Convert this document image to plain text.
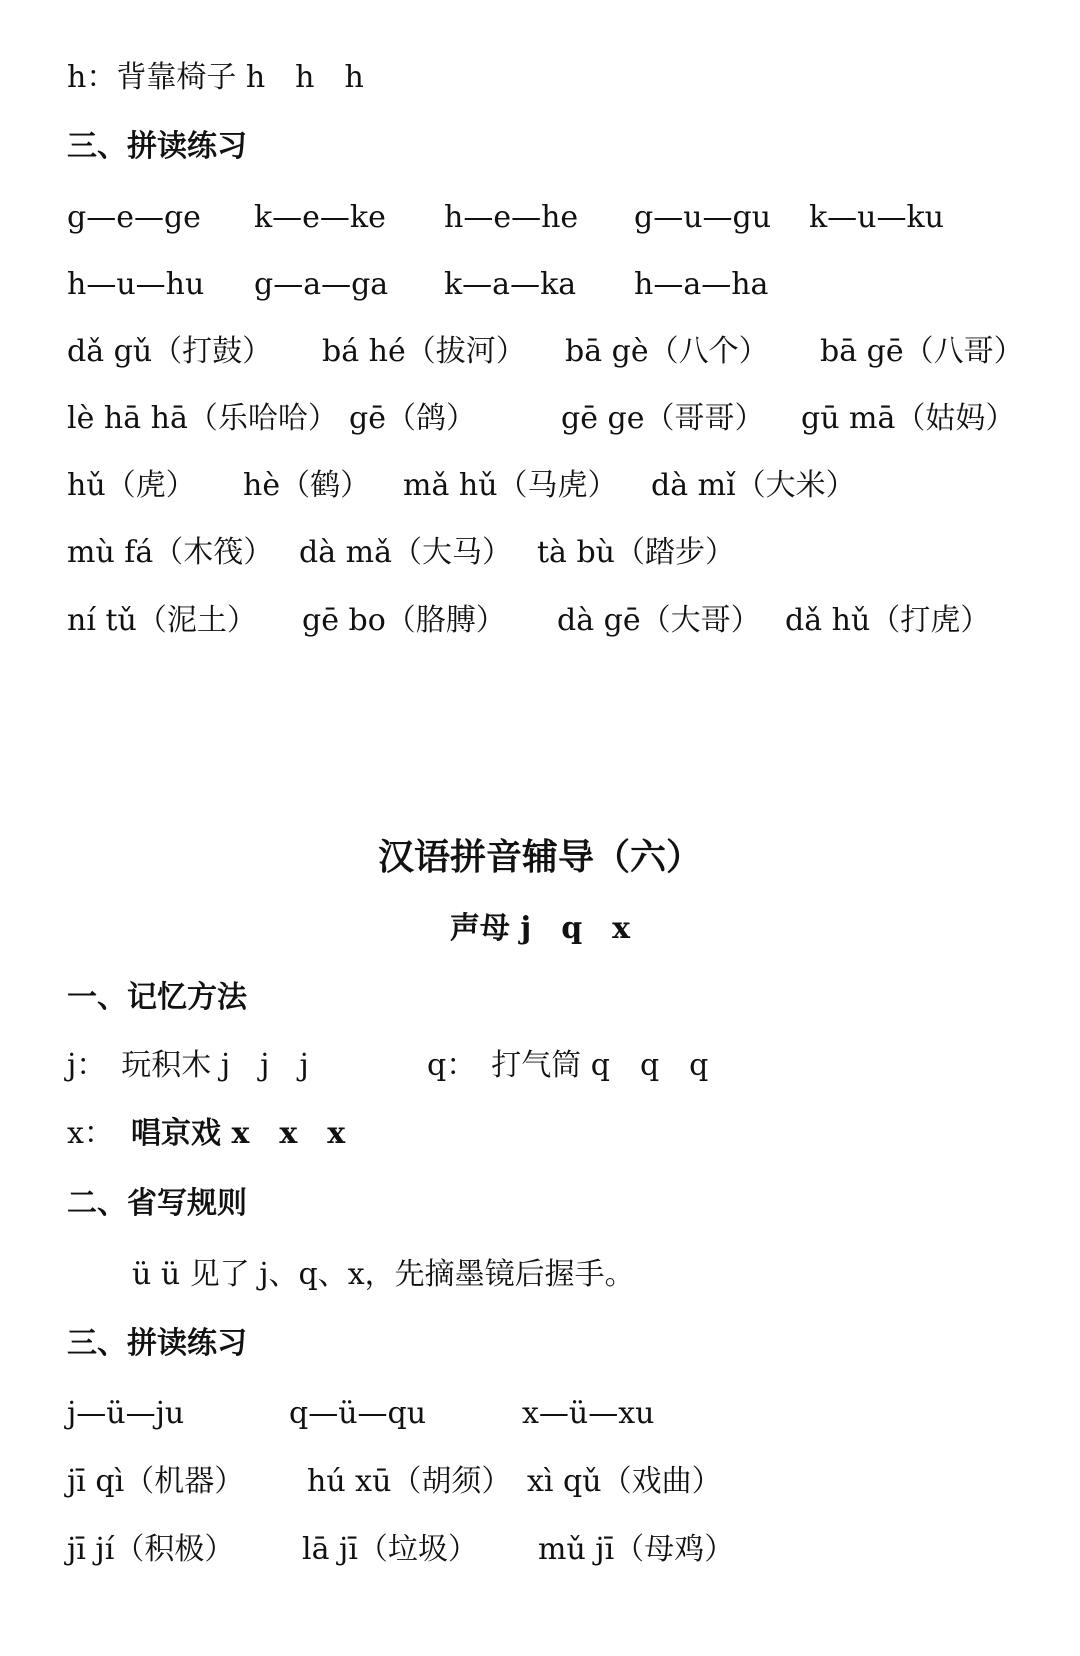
h：背靠椅子 h　h　h
三、拼读练习
g—e—ge k—e—ke h—e—he g—u—gu k—u—ku
h—u—hu g—a—ga k—a—ka h—a—ha
dǎ gǔ（打鼓） bá hé（拔河） bā gè（八个） bā gē（八哥）
lè hā hā（乐哈哈） gē（鸽）	gē ge（哥哥） gū mā（姑妈）
hǔ（虎） hè（鹤） mǎ hǔ（马虎） dà mǐ（大米）
mù fá（木筏） dà mǎ（大马） tà bù（踏步）
ní tǔ（泥土） gē bo（胳膊） dà gē（大哥） dǎ hǔ（打虎）
汉语拼音辅导（六）
声母 j　q　x
一、记忆方法
j：　玩积木 j　j　j	q：　打气筒 q　q　q
x： 唱京戏 x　x　x
二、省写规则
ü ü 见了 j、q、x，先摘墨镜后握手。
三、拼读练习
j—ü—ju	q—ü—qu	x—ü—xu
jī qì（机器） hú xū（胡须） xì qǔ（戏曲）
jī jí（积极） lā jī（垃圾） mǔ jī（母鸡）
